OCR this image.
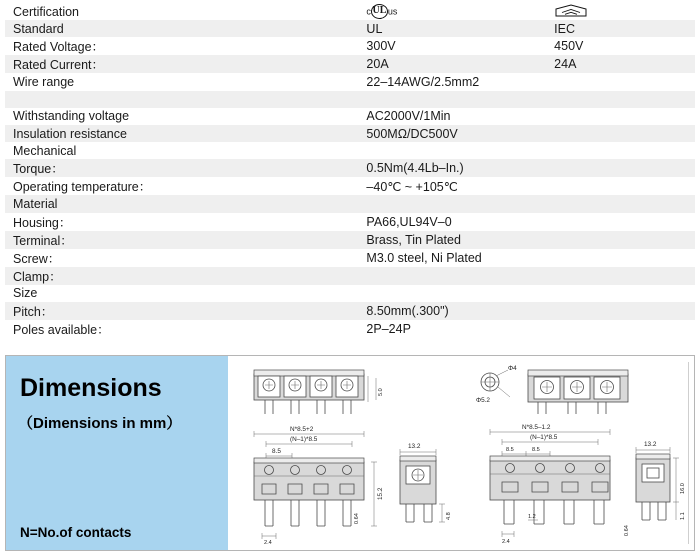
Certification	c UL us	
Standard	UL	IEC
Rated Voltage：	300V	450V
Rated Current：	20A	24A
Wire range	22–14AWG/2.5mm2	

Withstanding voltage	AC2000V/1Min	
Insulation resistance	500MΩ/DC500V	
Mechanical		
Torque：	0.5Nm(4.4Lb–In.)	
Operating temperature：	–40℃ ~ +105℃	
Material		
Housing：	PA66,UL94V–0	
Terminal：	Brass, Tin Plated	
Screw：	M3.0 steel, Ni Plated	
Clamp：		
Size		
Pitch：	8.50mm(.300")	
Poles available：	2P–24P	
Dimensions
（Dimensions in mm）
N=No.of contacts
5.0
N*8.5+2
(N–1)*8.5
8.5
15.2
2.4
0.64
13.2
4.8
Φ4
Φ5.2
N*8.5–1.2
(N–1)*8.5
8.5	8.5
2.4
1.2
13.2
16.0
1.1
0.64
